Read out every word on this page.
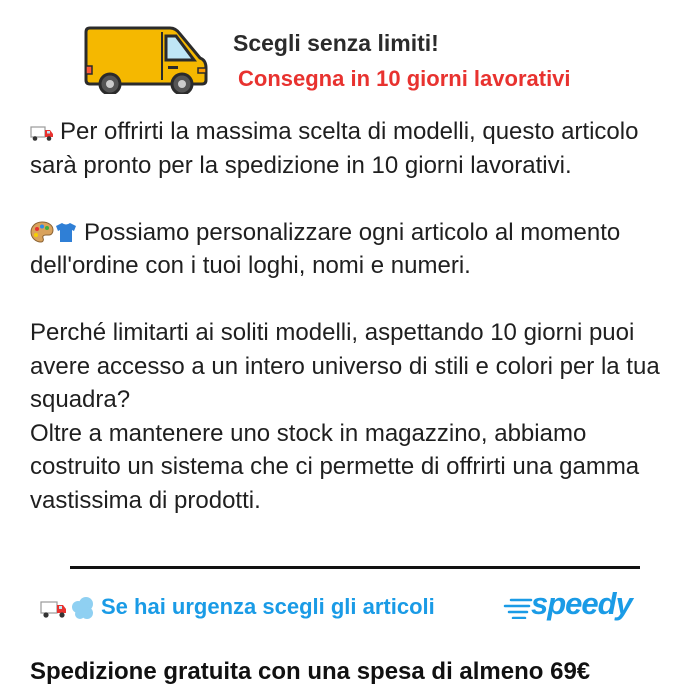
Scegli senza limiti!
Consegna in 10 giorni lavorativi

Per offrirti la massima scelta di modelli, questo articolo sarà pronto per la spedizione in 10 giorni lavorativi.

Possiamo personalizzare ogni articolo al momento dell'ordine con i tuoi loghi, nomi e numeri.

Perché limitarti ai soliti modelli, aspettando 10 giorni puoi avere accesso a un intero universo di stili e colori per la tua squadra?
Oltre a mantenere uno stock in magazzino, abbiamo costruito un sistema che ci permette di offrirti una gamma vastissima di prodotti.

Se hai urgenza scegli gli articoli	speedy
Spedizione gratuita con una spesa di almeno 69€
